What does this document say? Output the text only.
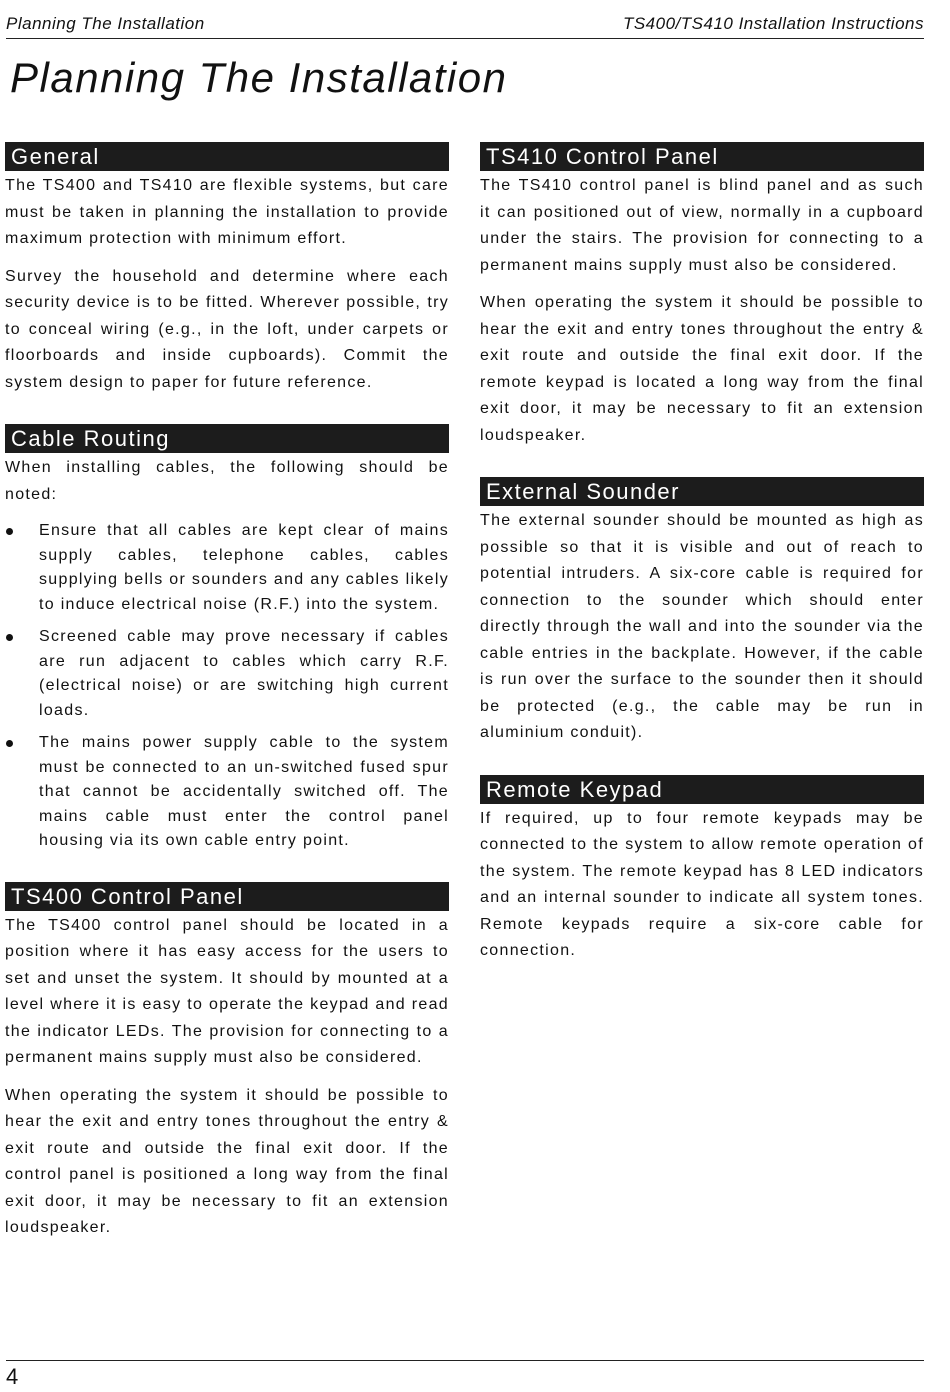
Planning The Installation	TS400/TS410 Installation Instructions
Planning The Installation
General

The TS400 and TS410 are flexible systems, but care must be taken in planning the installation to provide maximum protection with minimum effort.

Survey the household and determine where each security device is to be fitted. Wherever possible, try to conceal wiring (e.g., in the loft, under carpets or floorboards and inside cupboards). Commit the system design to paper for future reference.

Cable Routing

When installing cables, the following should be noted:

Ensure that all cables are kept clear of mains supply cables, telephone cables, cables supplying bells or sounders and any cables likely to induce electrical noise (R.F.) into the system.
Screened cable may prove necessary if cables are run adjacent to cables which carry R.F. (electrical noise) or are switching high current loads.
The mains power supply cable to the system must be connected to an un-switched fused spur that cannot be accidentally switched off. The mains cable must enter the control panel housing via its own cable entry point.
TS400 Control Panel

The TS400 control panel should be located in a position where it has easy access for the users to set and unset the system. It should by mounted at a level where it is easy to operate the keypad and read the indicator LEDs. The provision for connecting to a permanent mains supply must also be considered.

When operating the system it should be possible to hear the exit and entry tones throughout the entry & exit route and outside the final exit door. If the control panel is positioned a long way from the final exit door, it may be necessary to fit an extension loudspeaker.

TS410 Control Panel

The TS410 control panel is blind panel and as such it can positioned out of view, normally in a cupboard under the stairs. The provision for connecting to a permanent mains supply must also be considered.

When operating the system it should be possible to hear the exit and entry tones throughout the entry & exit route and outside the final exit door. If the remote keypad is located a long way from the final exit door, it may be necessary to fit an extension loudspeaker.

External Sounder

The external sounder should be mounted as high as possible so that it is visible and out of reach to potential intruders. A six-core cable is required for connection to the sounder which should enter directly through the wall and into the sounder via the cable entries in the backplate. However, if the cable is run over the surface to the sounder then it should be protected (e.g., the cable may be run in aluminium conduit).

Remote Keypad

If required, up to four remote keypads may be connected to the system to allow remote operation of the system. The remote keypad has 8 LED indicators and an internal sounder to indicate all system tones. Remote keypads require a six-core cable for connection.

4
